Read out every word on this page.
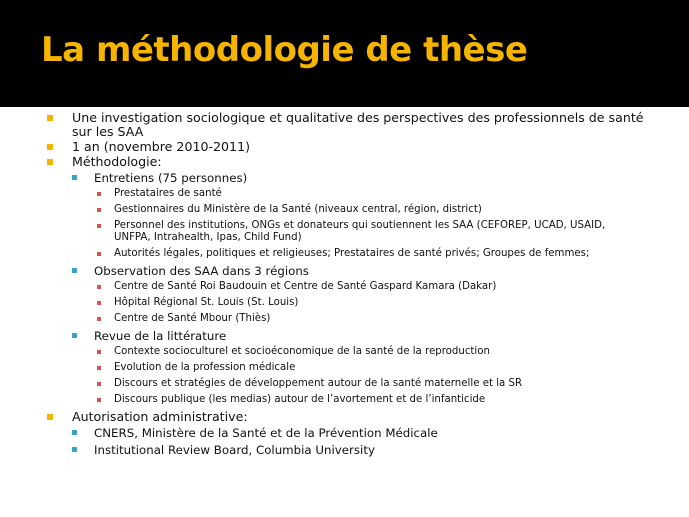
La méthodologie de thèse
Une investigation sociologique et qualitative des perspectives des professionnels de santé sur les SAA
1 an (novembre 2010-2011)
Méthodologie:
Entretiens (75 personnes)
Prestataires de santé
Gestionnaires du Ministère de la Santé (niveaux central, région, district)
Personnel des institutions, ONGs et donateurs qui soutiennent les SAA (CEFOREP, UCAD, USAID, UNFPA, Intrahealth, Ipas, Child Fund)
Autorités légales, politiques et religieuses; Prestataires de santé privés; Groupes de femmes;
Observation des SAA dans 3 régions
Centre de Santé Roi Baudouin et Centre de Santé Gaspard Kamara (Dakar)
Hôpital Régional St. Louis (St. Louis)
Centre de Santé Mbour (Thiès)
Revue de la littérature
Contexte socioculturel et socioéconomique de la santé de la reproduction
Evolution de la profession médicale
Discours et stratégies de développement autour de la santé maternelle et la SR
Discours publique (les medias) autour de l’avortement et de l’infanticide
Autorisation administrative:
CNERS, Ministère de la Santé et de la Prévention Médicale
Institutional Review Board, Columbia University
